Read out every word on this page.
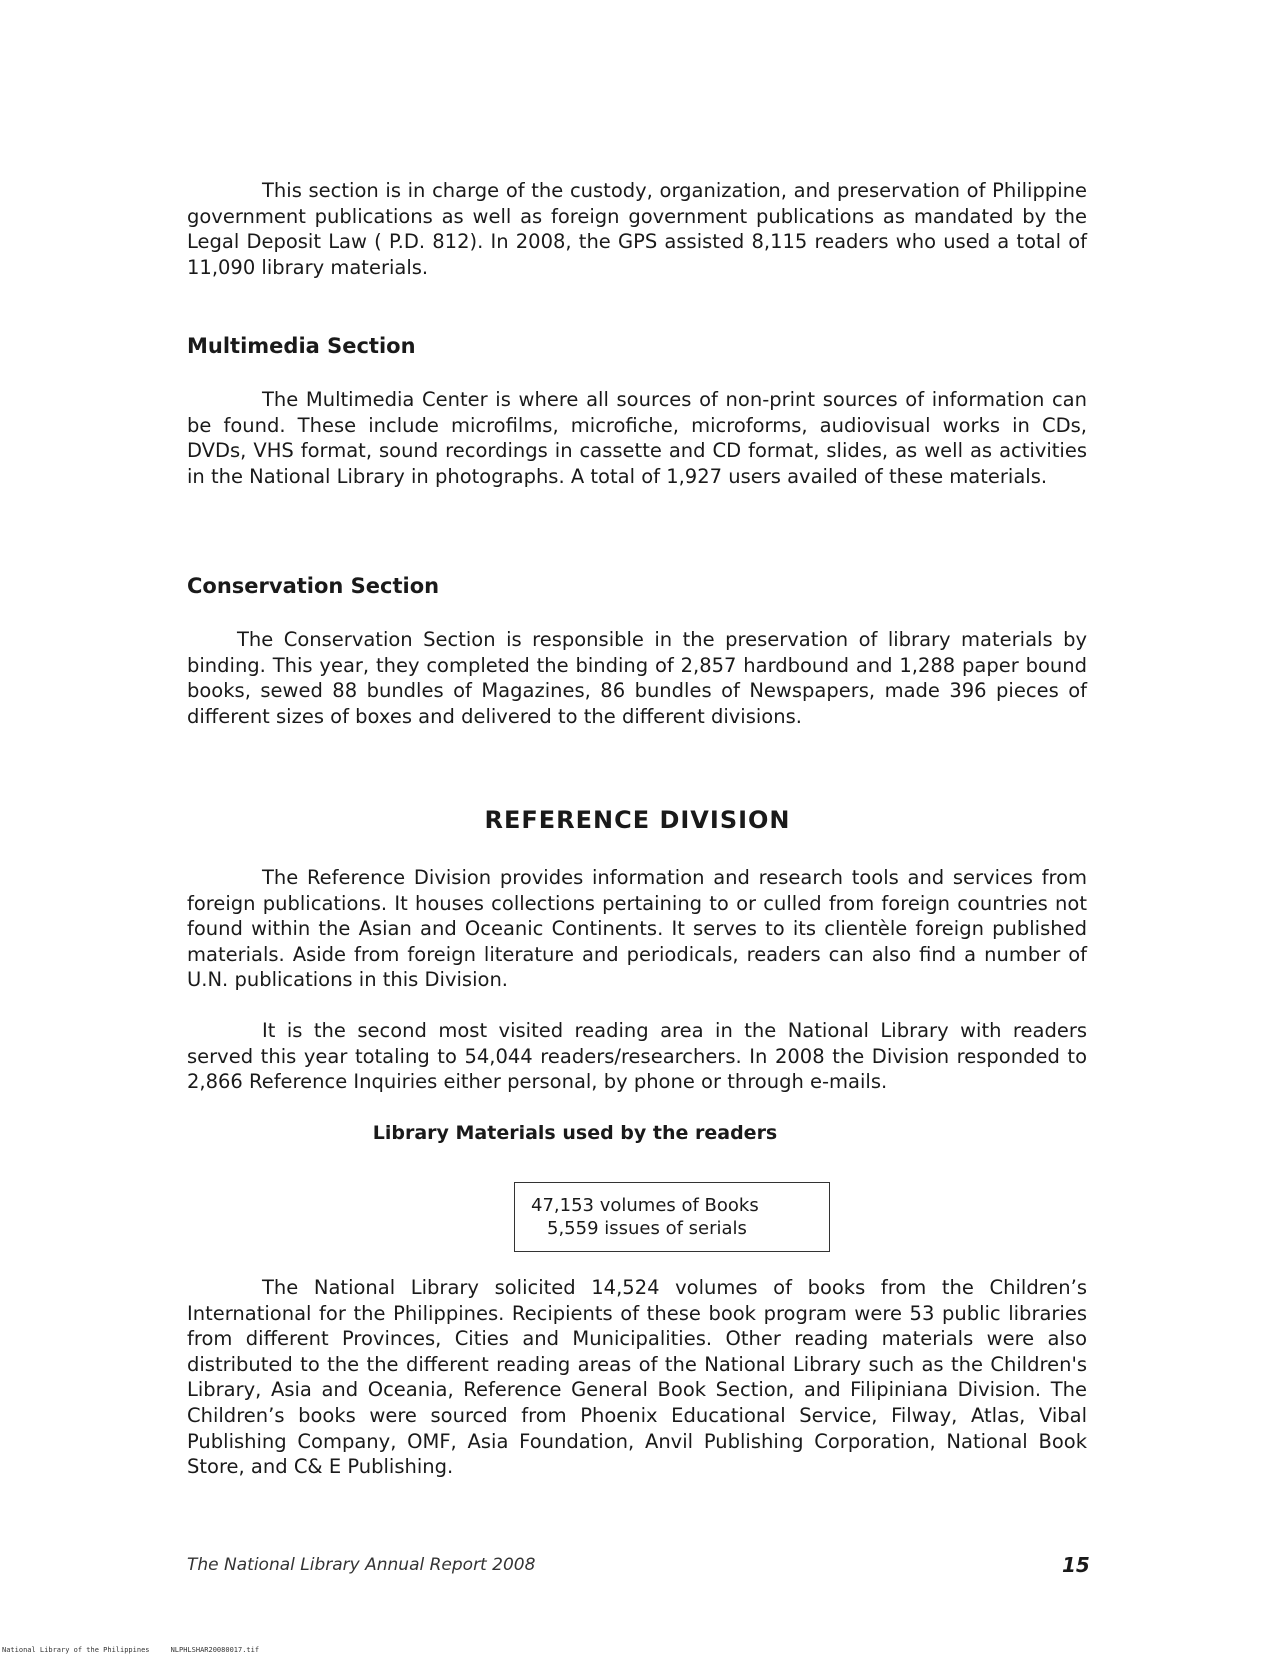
This section is in charge of the custody, organization, and preservation of Philippine government publications as well as foreign government publications as mandated by the Legal Deposit Law ( P.D. 812). In 2008, the GPS assisted 8,115 readers who used a total of 11,090 library materials.

Multimedia Section

The Multimedia Center is where all sources of non-print sources of information can be found. These include microfilms, microfiche, microforms, audiovisual works in CDs, DVDs, VHS format, sound recordings in cassette and CD format, slides, as well as activities in the National Library in photographs. A total of 1,927 users availed of these materials.

Conservation Section

The Conservation Section is responsible in the preservation of library materials by binding. This year, they completed the binding of 2,857 hardbound and 1,288 paper bound books, sewed 88 bundles of Magazines, 86 bundles of Newspapers, made 396 pieces of different sizes of boxes and delivered to the different divisions.

REFERENCE DIVISION

The Reference Division provides information and research tools and services from foreign publications. It houses collections pertaining to or culled from foreign countries not found within the Asian and Oceanic Continents. It serves to its clientèle foreign published materials. Aside from foreign literature and periodicals, readers can also find a number of U.N. publications in this Division.

It is the second most visited reading area in the National Library with readers served this year totaling to 54,044 readers/researchers. In 2008 the Division responded to 2,866 Reference Inquiries either personal, by phone or through e-mails.

Library Materials used by the readers
47,153 volumes of Books
5,559 issues of serials

The National Library solicited 14,524 volumes of books from the Children’s International for the Philippines. Recipients of these book program were 53 public libraries from different Provinces, Cities and Municipalities. Other reading materials were also distributed to the the different reading areas of the National Library such as the Children's Library, Asia and Oceania, Reference General Book Section, and Filipiniana Division. The Children’s books were sourced from Phoenix Educational Service, Filway, Atlas, Vibal Publishing Company, OMF, Asia Foundation, Anvil Publishing Corporation, National Book Store, and C& E Publishing.

The National Library Annual Report 2008	15

National Library of the Philippines     NLPHLSHAR20080017.tif
